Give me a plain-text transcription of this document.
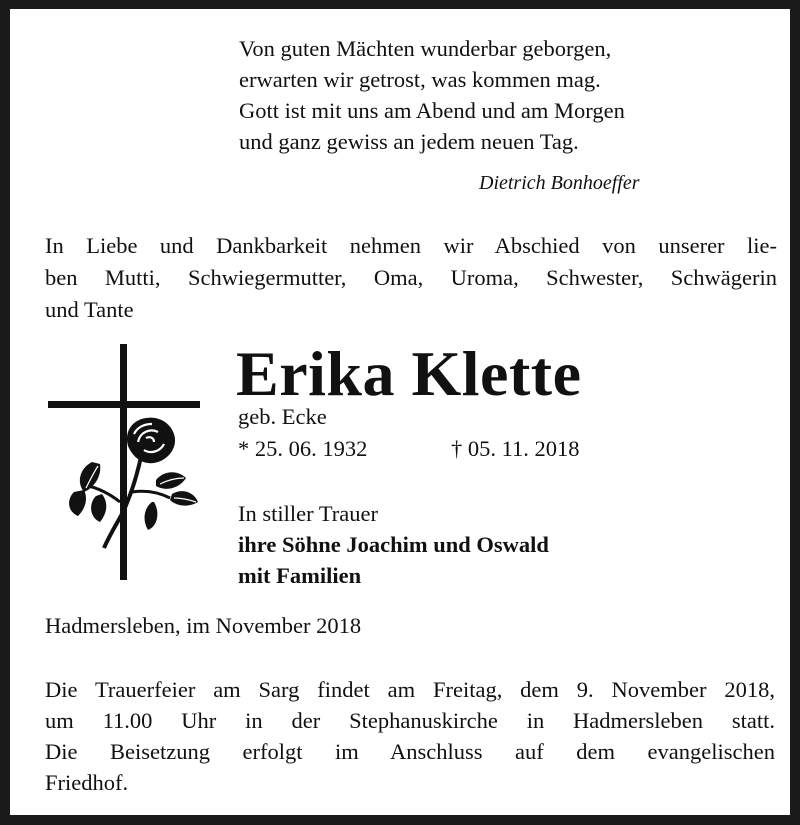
Von guten Mächten wunderbar geborgen,
erwarten wir getrost, was kommen mag.
Gott ist mit uns am Abend und am Morgen
und ganz gewiss an jedem neuen Tag.
Dietrich Bonhoeffer
In Liebe und Dankbarkeit nehmen wir Abschied von unserer lie-
ben Mutti, Schwiegermutter, Oma, Uroma, Schwester, Schwägerin
und Tante
Erika Klette
geb. Ecke
* 25. 06. 1932	† 05. 11. 2018
In stiller Trauer
ihre Söhne Joachim und Oswald
mit Familien
Hadmersleben, im November 2018
Die Trauerfeier am Sarg findet am Freitag, dem 9. November 2018,
um 11.00 Uhr in der Stephanuskirche in Hadmersleben statt.
Die Beisetzung erfolgt im Anschluss auf dem evangelischen
Friedhof.
